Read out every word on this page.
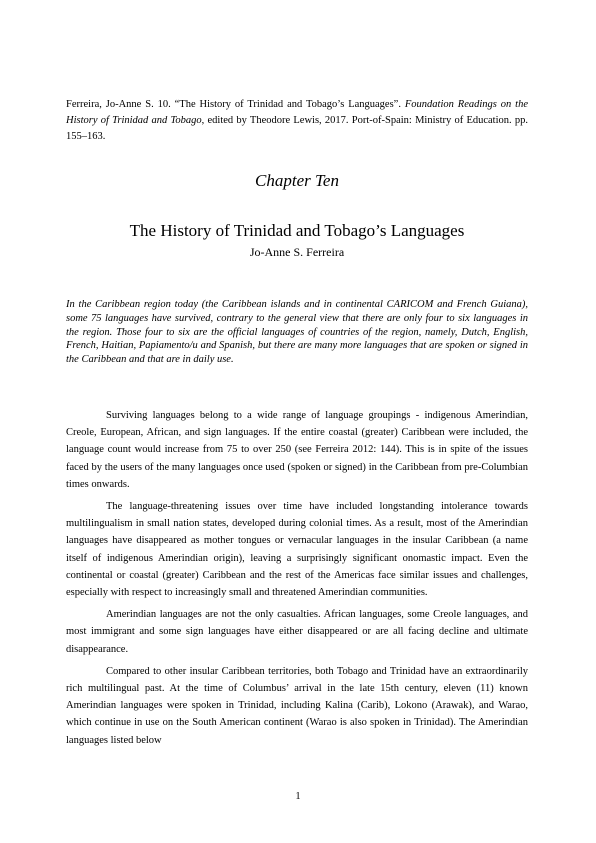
Ferreira, Jo-Anne S. 10. “The History of Trinidad and Tobago’s Languages”. Foundation Readings on the History of Trinidad and Tobago, edited by Theodore Lewis, 2017. Port-of-Spain: Ministry of Education. pp. 155–163.
Chapter Ten
The History of Trinidad and Tobago’s Languages
Jo-Anne S. Ferreira
In the Caribbean region today (the Caribbean islands and in continental CARICOM and French Guiana), some 75 languages have survived, contrary to the general view that there are only four to six languages in the region. Those four to six are the official languages of countries of the region, namely, Dutch, English, French, Haitian, Papiamento/u and Spanish, but there are many more languages that are spoken or signed in the Caribbean and that are in daily use.

Surviving languages belong to a wide range of language groupings - indigenous Amerindian, Creole, European, African, and sign languages. If the entire coastal (greater) Caribbean were included, the language count would increase from 75 to over 250 (see Ferreira 2012: 144). This is in spite of the issues faced by the users of the many languages once used (spoken or signed) in the Caribbean from pre-Columbian times onwards.

The language-threatening issues over time have included longstanding intolerance towards multilingualism in small nation states, developed during colonial times. As a result, most of the Amerindian languages have disappeared as mother tongues or vernacular languages in the insular Caribbean (a name itself of indigenous Amerindian origin), leaving a surprisingly significant onomastic impact. Even the continental or coastal (greater) Caribbean and the rest of the Americas face similar issues and challenges, especially with respect to increasingly small and threatened Amerindian communities.

Amerindian languages are not the only casualties. African languages, some Creole languages, and most immigrant and some sign languages have either disappeared or are all facing decline and ultimate disappearance.

Compared to other insular Caribbean territories, both Tobago and Trinidad have an extraordinarily rich multilingual past. At the time of Columbus’ arrival in the late 15th century, eleven (11) known Amerindian languages were spoken in Trinidad, including Kalina (Carib), Lokono (Arawak), and Warao, which continue in use on the South American continent (Warao is also spoken in Trinidad). The Amerindian languages listed below

1
